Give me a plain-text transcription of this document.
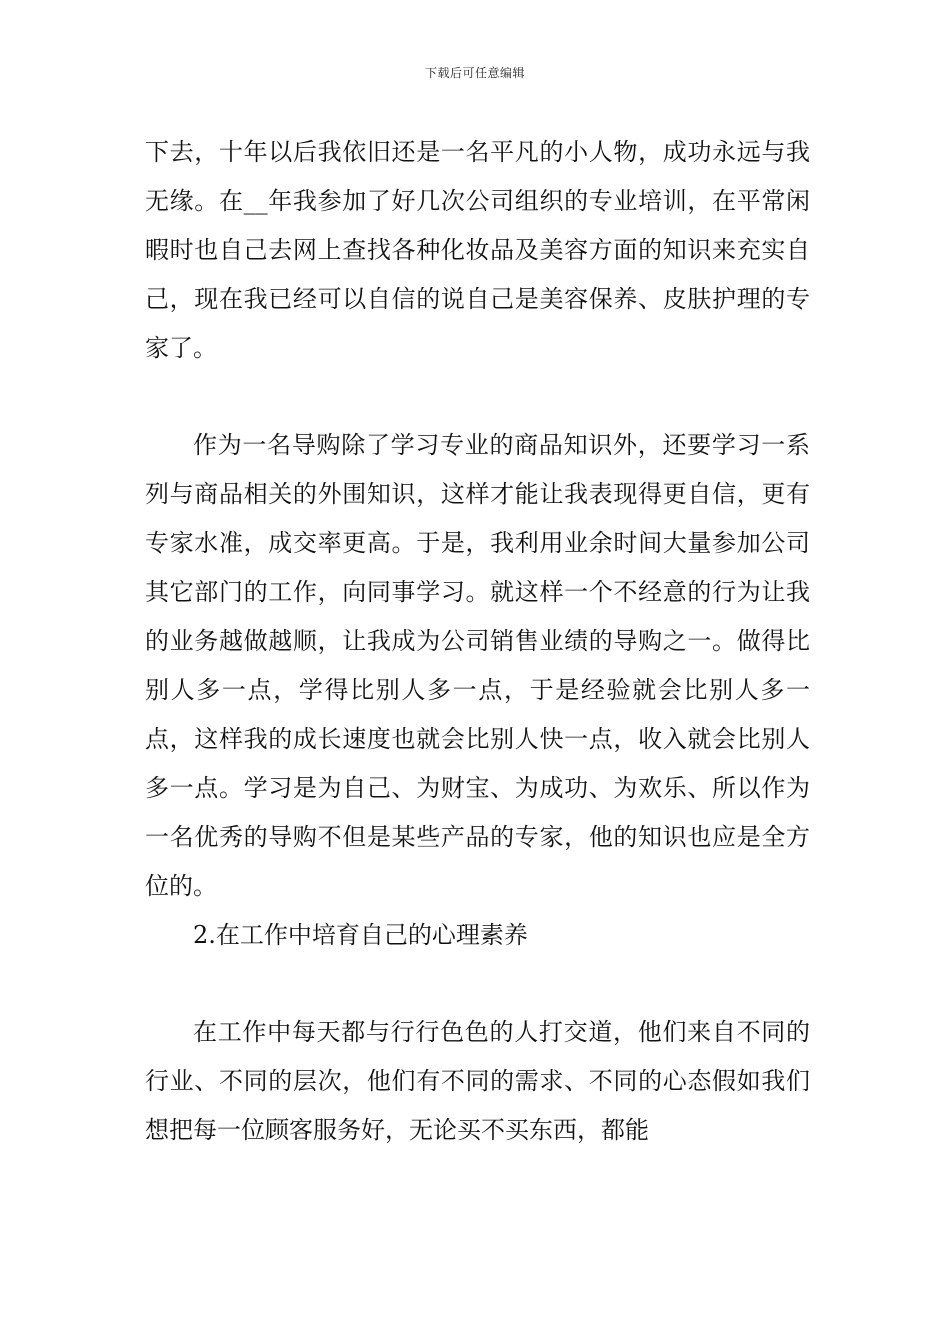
下载后可任意编辑

下去，十年以后我依旧还是一名平凡的小人物，成功永远与我无缘。在__年我参加了好几次公司组织的专业培训，在平常闲暇时也自己去网上查找各种化妆品及美容方面的知识来充实自己，现在我已经可以自信的说自己是美容保养、皮肤护理的专家了。

作为一名导购除了学习专业的商品知识外，还要学习一系列与商品相关的外围知识，这样才能让我表现得更自信，更有专家水准，成交率更高。于是，我利用业余时间大量参加公司其它部门的工作，向同事学习。就这样一个不经意的行为让我的业务越做越顺，让我成为公司销售业绩的导购之一。做得比别人多一点，学得比别人多一点，于是经验就会比别人多一点，这样我的成长速度也就会比别人快一点，收入就会比别人多一点。学习是为自己、为财宝、为成功、为欢乐、所以作为一名优秀的导购不但是某些产品的专家，他的知识也应是全方位的。

2.在工作中培育自己的心理素养

在工作中每天都与行行色色的人打交道，他们来自不同的行业、不同的层次，他们有不同的需求、不同的心态假如我们想把每一位顾客服务好，无论买不买东西，都能
